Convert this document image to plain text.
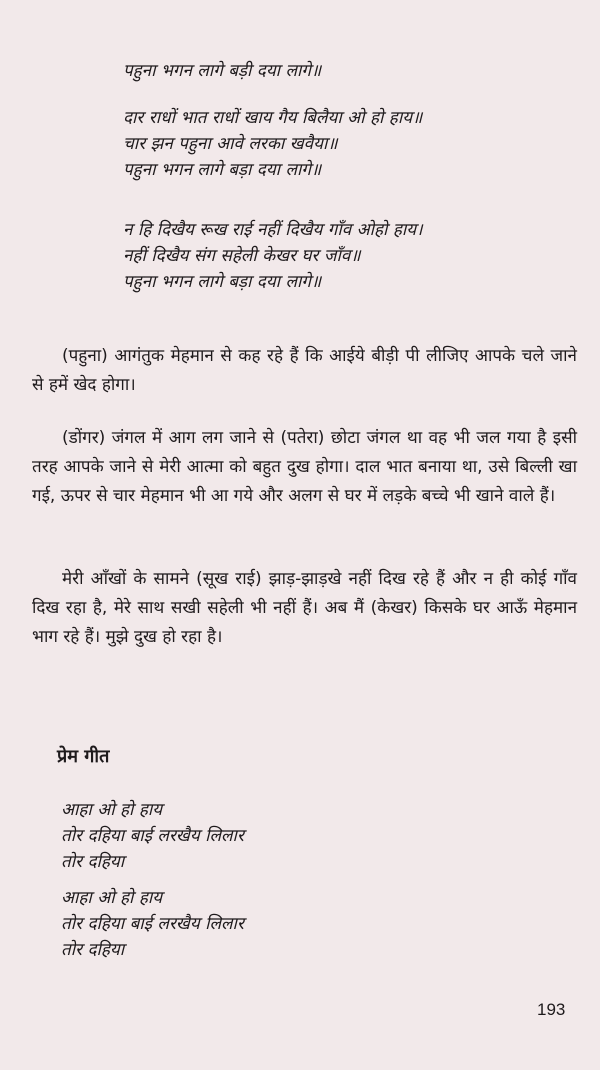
पहुना भगन लागे बड़ी दया लागे॥
दार राधों भात राधों खाय गैय बिलैया ओ हो हाय॥
चार झन पहुना आवे लरका खवैया॥
पहुना भगन लागे बड़ा दया लागे॥
न हि दिखैय रूख राई नहीं दिखैय गाँव ओहो हाय।
नहीं दिखैय संग सहेली केखर घर जाँव॥
पहुना भगन लागे बड़ा दया लागे॥

(पहुना) आगंतुक मेहमान से कह रहे हैं कि आईये बीड़ी पी लीजिए आपके चले जाने से हमें खेद होगा।

(डोंगर) जंगल में आग लग जाने से (पतेरा) छोटा जंगल था वह भी जल गया है इसी तरह आपके जाने से मेरी आत्मा को बहुत दुख होगा। दाल भात बनाया था, उसे बिल्ली खा गई, ऊपर से चार मेहमान भी आ गये और अलग से घर में लड़के बच्चे भी खाने वाले हैं।

मेरी आँखों के सामने (सूख राई) झाड़-झाड़खे नहीं दिख रहे हैं और न ही कोई गाँव दिख रहा है, मेरे साथ सखी सहेली भी नहीं हैं। अब मैं (केखर) किसके घर आऊँ मेहमान भाग रहे हैं। मुझे दुख हो रहा है।

प्रेम गीत
आहा ओ हो हाय
तोर दहिया बाई लरखैय लिलार
तोर दहिया
आहा ओ हो हाय
तोर दहिया बाई लरखैय लिलार
तोर दहिया
193
